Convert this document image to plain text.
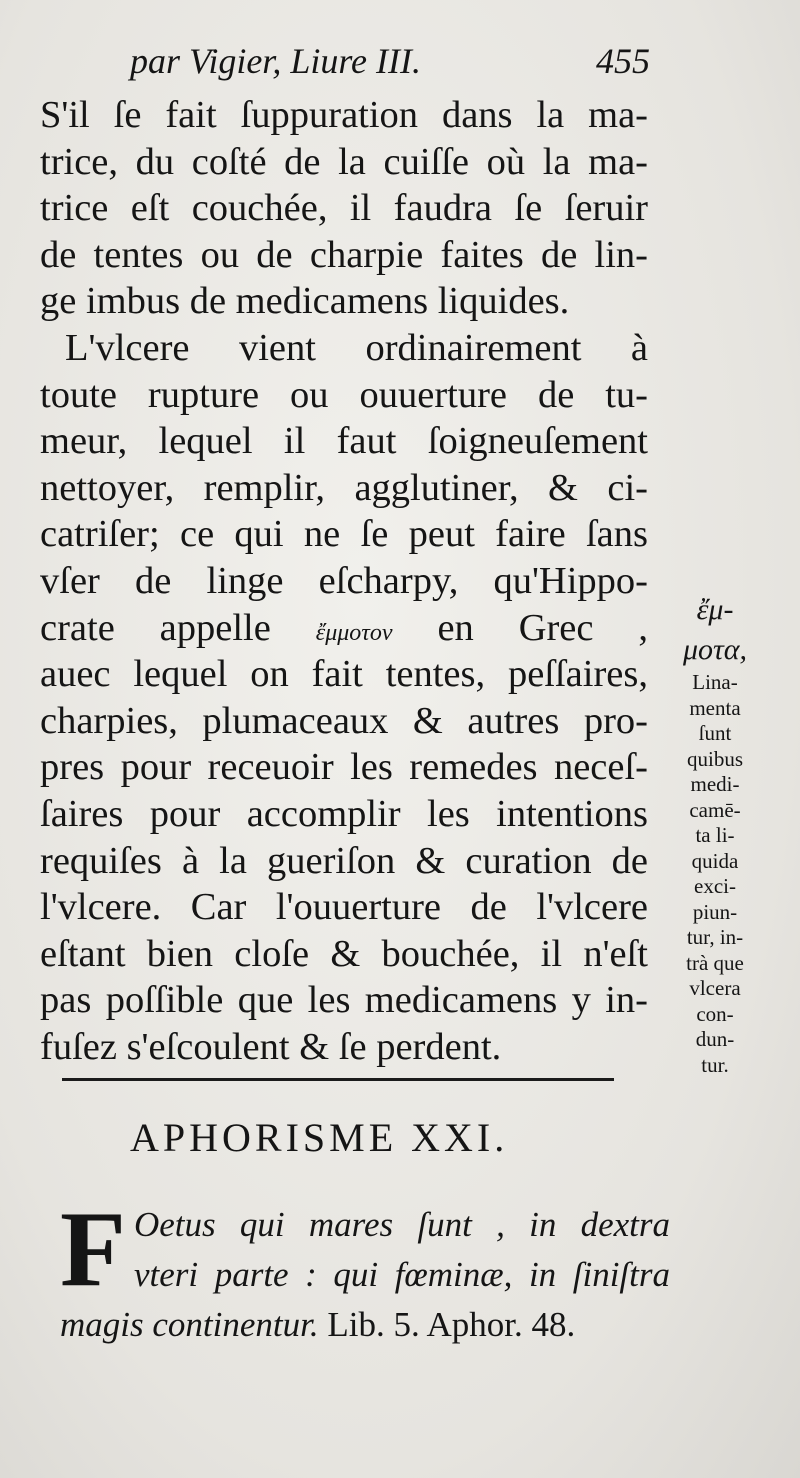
par Vigier, Liure III.	455
S'il ſe fait ſuppuration dans la ma-
trice, du coſté de la cuiſſe où la ma-
trice eſt couchée, il faudra ſe ſeruir
de tentes ou de charpie faites de lin-
ge imbus de medicamens liquides.
L'vlcere vient ordinairement à
toute rupture ou ouuerture de tu-
meur, lequel il faut ſoigneuſement
nettoyer, remplir, agglutiner, & ci-
catriſer; ce qui ne ſe peut faire ſans
vſer de linge eſcharpy, qu'Hippo-
crate appelle ἔμμοτον en Grec ,
auec lequel on fait tentes, peſſaires,
charpies, plumaceaux & autres pro-
pres pour receuoir les remedes neceſ-
ſaires pour accomplir les intentions
requiſes à la gueriſon & curation de
l'vlcere. Car l'ouuerture de l'vlcere
eſtant bien cloſe & bouchée, il n'eſt
pas poſſible que les medicamens y in-
fuſez s'eſcoulent & ſe perdent.
ἔμ-
μοτα,
Lina-
menta
ſunt
quibus
medi-
camē-
ta li-
quida
exci-
piun-
tur, in-
trà que
vlcera
con-
dun-
tur.
APHORISME XXI.
F Oetus qui mares ſunt , in dextra
vteri parte : qui fœminæ, in ſiniſtra
magis continentur. Lib. 5. Aphor. 48.
